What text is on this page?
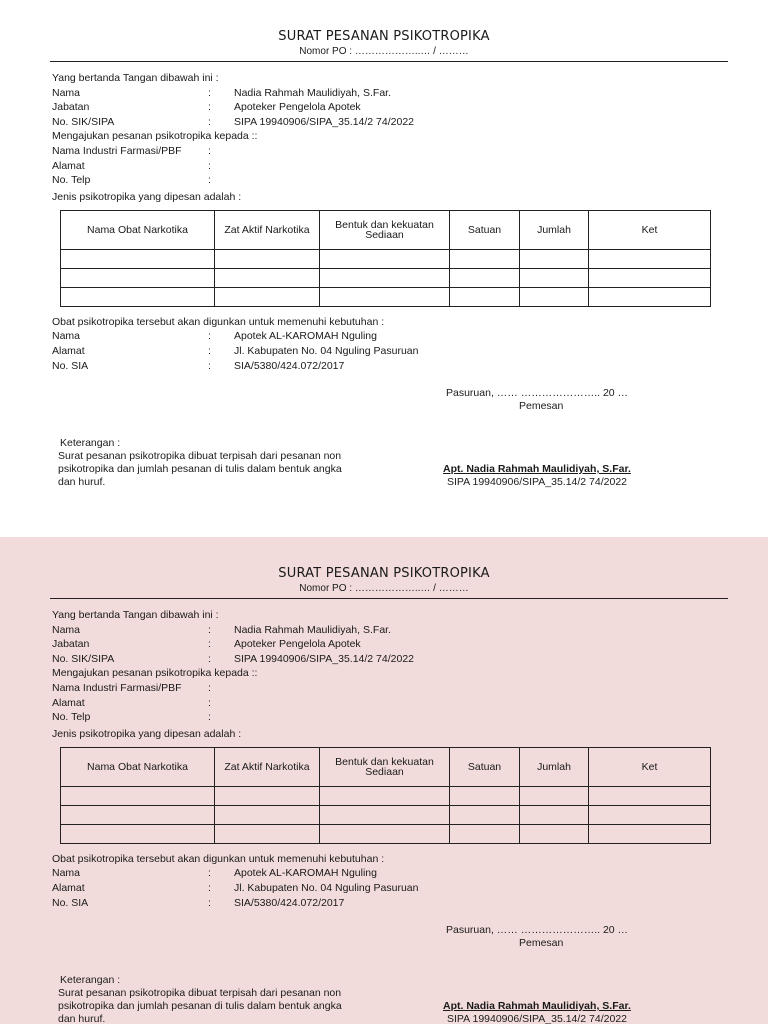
SURAT PESANAN PSIKOTROPIKA
Nomor PO : ………………..… / ………
Yang bertanda Tangan dibawah ini :
Nama	: Nadia Rahmah Maulidiyah, S.Far.
Jabatan	: Apoteker Pengelola Apotek
No. SIK/SIPA	: SIPA 19940906/SIPA_35.14/2 74/2022
Mengajukan pesanan psikotropika kepada ::
Nama Industri Farmasi/PBF	:
Alamat	:
No. Telp	:
Jenis psikotropika yang dipesan adalah :
Nama Obat Narkotika	Zat Aktif Narkotika	Bentuk dan kekuatan
Sediaan	Satuan	Jumlah	Ket

Obat psikotropika tersebut akan digunkan untuk memenuhi kebutuhan :
Nama	: Apotek AL-KAROMAH Nguling
Alamat	: Jl. Kabupaten No. 04 Nguling Pasuruan
No. SIA	: SIA/5380/424.072/2017
Pasuruan, …… ………………….. 20 …
Pemesan
Keterangan :
Surat pesanan psikotropika dibuat terpisah dari pesanan non
psikotropika dan jumlah pesanan di tulis dalam bentuk angka
dan huruf.
Apt. Nadia Rahmah Maulidiyah, S.Far.
SIPA 19940906/SIPA_35.14/2 74/2022
SURAT PESANAN PSIKOTROPIKA
Nomor PO : ………………..… / ………
Yang bertanda Tangan dibawah ini :
Nama	: Nadia Rahmah Maulidiyah, S.Far.
Jabatan	: Apoteker Pengelola Apotek
No. SIK/SIPA	: SIPA 19940906/SIPA_35.14/2 74/2022
Mengajukan pesanan psikotropika kepada ::
Nama Industri Farmasi/PBF	:
Alamat	:
No. Telp	:
Jenis psikotropika yang dipesan adalah :
Nama Obat Narkotika	Zat Aktif Narkotika	Bentuk dan kekuatan
Sediaan	Satuan	Jumlah	Ket

Obat psikotropika tersebut akan digunkan untuk memenuhi kebutuhan :
Nama	: Apotek AL-KAROMAH Nguling
Alamat	: Jl. Kabupaten No. 04 Nguling Pasuruan
No. SIA	: SIA/5380/424.072/2017
Pasuruan, …… ………………….. 20 …
Pemesan
Keterangan :
Surat pesanan psikotropika dibuat terpisah dari pesanan non
psikotropika dan jumlah pesanan di tulis dalam bentuk angka
dan huruf.
Apt. Nadia Rahmah Maulidiyah, S.Far.
SIPA 19940906/SIPA_35.14/2 74/2022
